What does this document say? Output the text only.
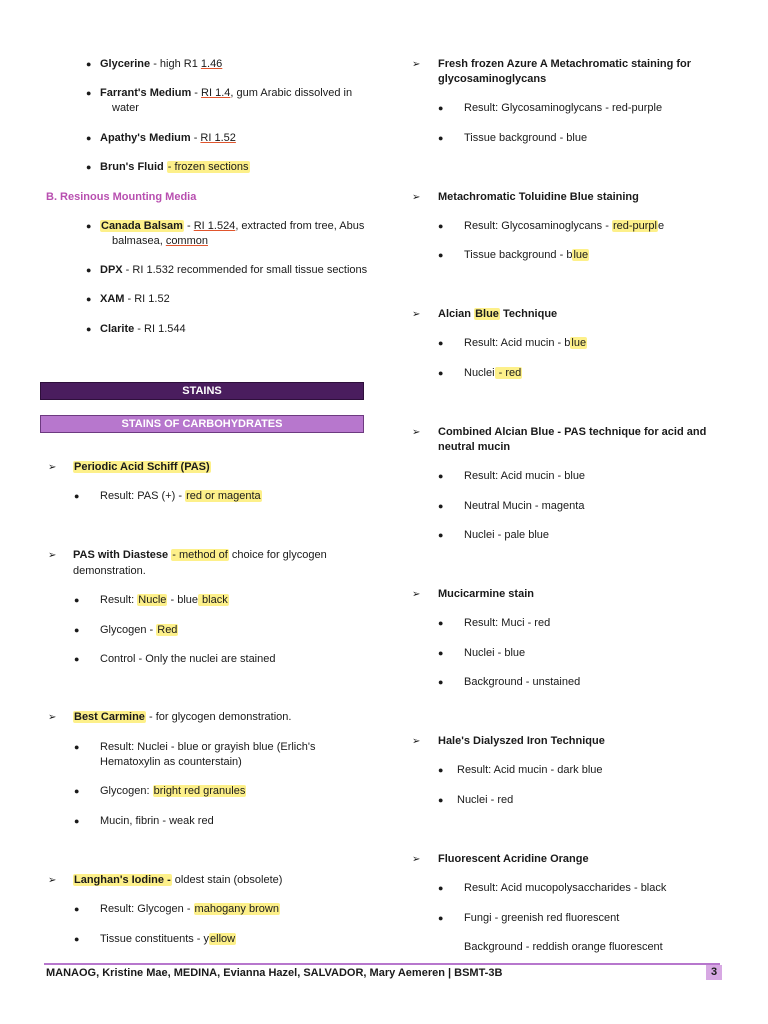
● Glycerine - high R1 1.46
● Farrant's Medium - RI 1.4, gum Arabic dissolved in
water
● Apathy's Medium - RI 1.52
● Brun's Fluid - frozen sections
B. Resinous Mounting Media
● Canada Balsam - RI 1.524, extracted from tree, Abus
balmasea, common
● DPX - RI 1.532 recommended for small tissue sections
● XAM - RI 1.52
● Clarite - RI 1.544
STAINS
STAINS OF CARBOHYDRATES
➢ Periodic Acid Schiff (PAS)
● Result: PAS (+) - red or magenta
➢ PAS with Diastese - method of choice for glycogen
demonstration.
● Result: Nucle - blue black
● Glycogen - Red
● Control - Only the nuclei are stained
➢ Best Carmine - for glycogen demonstration.
● Result: Nuclei - blue or grayish blue (Erlich's
Hematoxylin as counterstain)
● Glycogen: bright red granules
● Mucin, fibrin - weak red
➢ Langhan's Iodine - oldest stain (obsolete)
● Result: Glycogen - mahogany brown
● Tissue constituents - yellow
➢ Fresh frozen Azure A Metachromatic staining for
glycosaminoglycans
● Result: Glycosaminoglycans - red-purple
● Tissue background - blue
➢ Metachromatic Toluidine Blue staining
● Result: Glycosaminoglycans - red-purple
● Tissue background - blue
➢ Alcian Blue Technique
● Result: Acid mucin - blue
● Nuclei - red
➢ Combined Alcian Blue - PAS technique for acid and
neutral mucin
● Result: Acid mucin - blue
● Neutral Mucin - magenta
● Nuclei - pale blue
➢ Mucicarmine stain
● Result: Muci - red
● Nuclei - blue
● Background - unstained
➢ Hale's Dialyszed Iron Technique
● Result: Acid mucin - dark blue
● Nuclei - red
➢ Fluorescent Acridine Orange
● Result: Acid mucopolysaccharides - black
● Fungi - greenish red fluorescent
Background - reddish orange fluorescent
MANAOG, Kristine Mae, MEDINA, Evianna Hazel, SALVADOR, Mary Aemeren | BSMT-3B	3
